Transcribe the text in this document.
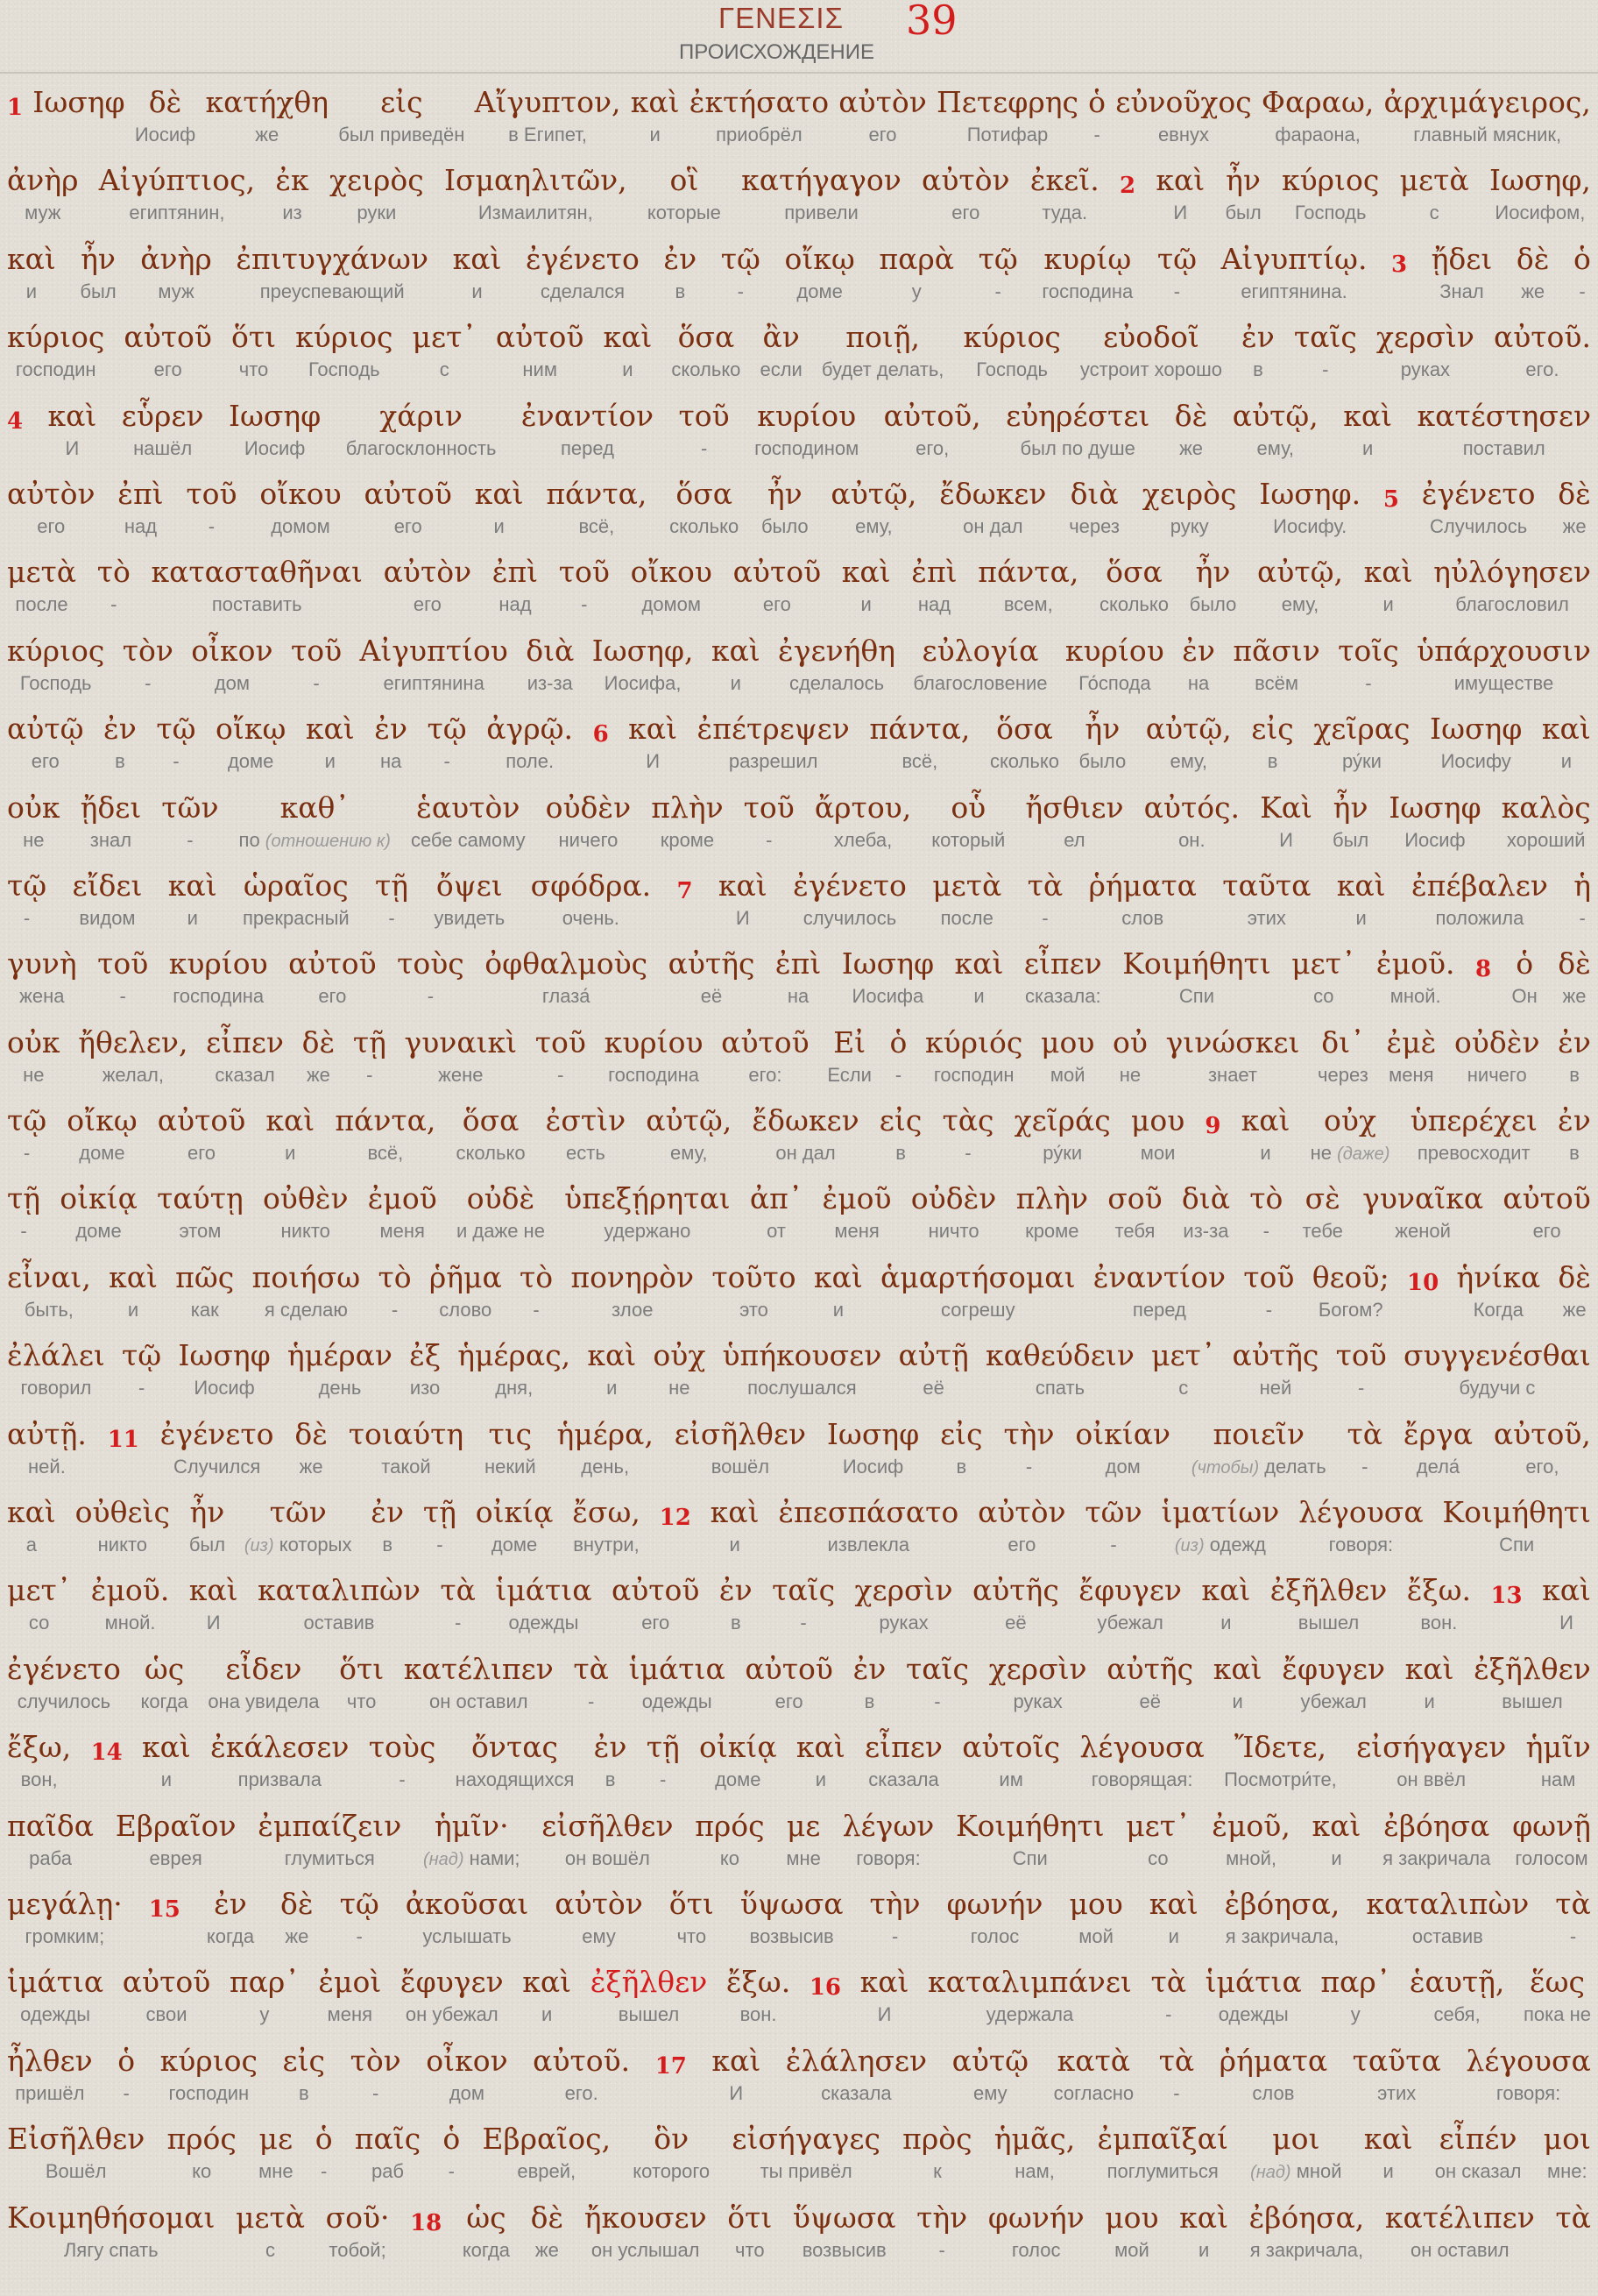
ΓΕΝΕΣΙΣ 39
ПРОИСХОЖДЕНИЕ
1 Ιωσηφ
δὲ
Иосиф
κατήχθη
же
εἰς
был приведён
Αἴγυπτον,
в Египет,
καὶ
и
ἐκτήσατο
приобрёл
αὐτὸν
его
Πετεφρης
Потифар
ὁ
-
εὐνοῦχος
евнух
Φαραω,
фараона,
ἀρχιμάγειρος,
главный мясник,
ἀνὴρ
муж
Αἰγύπτιος,
египтянин,
ἐκ
из
χειρὸς
руки
Ισμαηλιτῶν,
Измаилитян,
οἳ
которые
κατήγαγον
привели
αὐτὸν
его
ἐκεῖ.
туда.
2 καὶ
И
ἦν
был
κύριος
Господь
μετὰ
с
Ιωσηφ,
Иосифом,
καὶ
и
ἦν
был
ἀνὴρ
муж
ἐπιτυγχάνων
преуспевающий
καὶ
и
ἐγένετο
сделался
ἐν
в
τῷ
-
οἴκῳ
доме
παρὰ
у
τῷ
-
κυρίῳ
господина
τῷ
-
Αἰγυπτίῳ.
египтянина.
3 ᾔδει
Знал
δὲ
же
ὁ
-
κύριος
господин
αὐτοῦ
его
ὅτι
что
κύριος
Господь
μετ᾽
с
αὐτοῦ
ним
καὶ
и
ὅσα
сколько
ἂν
если
ποιῇ,
будет делать,
κύριος
Господь
εὐοδοῖ
устроит хорошо
ἐν
в
ταῖς
-
χερσὶν
руках
αὐτοῦ.
его.
4 καὶ
И
εὗρεν
нашёл
Ιωσηφ
Иосиф
χάριν
благосклонность
ἐναντίον
перед
τοῦ
-
κυρίου
господином
αὐτοῦ,
его,
εὐηρέστει
был по душе
δὲ
же
αὐτῷ,
ему,
καὶ
и
κατέστησεν
поставил
αὐτὸν
его
ἐπὶ
над
τοῦ
-
οἴκου
домом
αὐτοῦ
его
καὶ
и
πάντα,
всё,
ὅσα
сколько
ἦν
было
αὐτῷ,
ему,
ἔδωκεν
он дал
διὰ
через
χειρὸς
руку
Ιωσηφ.
Иосифу.
5 ἐγένετο
Случилось
δὲ
же
μετὰ
после
τὸ
-
κατασταθῆναι
поставить
αὐτὸν
его
ἐπὶ
над
τοῦ
-
οἴκου
домом
αὐτοῦ
его
καὶ
и
ἐπὶ
над
πάντα,
всем,
ὅσα
сколько
ἦν
было
αὐτῷ,
ему,
καὶ
и
ηὐλόγησεν
благословил
κύριος
Господь
τὸν
-
οἶκον
дом
τοῦ
-
Αἰγυπτίου
египтянина
διὰ
из-за
Ιωσηφ,
Иосифа,
καὶ
и
ἐγενήθη
сделалось
εὐλογία
благословение
κυρίου
Го́спода
ἐν
на
πᾶσιν
всём
τοῖς
-
ὑπάρχουσιν
имуществе
αὐτῷ
его
ἐν
в
τῷ
-
οἴκῳ
доме
καὶ
и
ἐν
на
τῷ
-
ἀγρῷ.
поле.
6 καὶ
И
ἐπέτρεψεν
разрешил
πάντα,
всё,
ὅσα
сколько
ἦν
было
αὐτῷ,
ему,
εἰς
в
χεῖρας
ру́ки
Ιωσηφ
Иосифу
καὶ
и
οὐκ
не
ᾔδει
знал
τῶν
-
καθ᾽
по (отношению к)
ἑαυτὸν
себе самому
οὐδὲν
ничего
πλὴν
кроме
τοῦ
-
ἄρτου,
хлеба,
οὗ
который
ἤσθιεν
ел
αὐτός.
он.
Καὶ
И
ἦν
был
Ιωσηφ
Иосиф
καλὸς
хороший
τῷ
-
εἴδει
видом
καὶ
и
ὡραῖος
прекрасный
τῇ
-
ὄψει
увидеть
σφόδρα.
очень.
7 καὶ
И
ἐγένετο
случилось
μετὰ
после
τὰ
-
ῥήματα
слов
ταῦτα
этих
καὶ
и
ἐπέβαλεν
положила
ἡ
-
γυνὴ
жена
τοῦ
-
κυρίου
господина
αὐτοῦ
его
τοὺς
-
ὀφθαλμοὺς
глаза́
αὐτῆς
её
ἐπὶ
на
Ιωσηφ
Иосифа
καὶ
и
εἶπεν
сказала:
Κοιμήθητι
Спи
μετ᾽
со
ἐμοῦ.
мной.
8 ὁ
Он
δὲ
же
οὐκ
не
ἤθελεν,
желал,
εἶπεν
сказал
δὲ
же
τῇ
-
γυναικὶ
жене
τοῦ
-
κυρίου
господина
αὐτοῦ
его:
Εἰ
Если
ὁ
-
κύριός
господин
μου
мой
οὐ
не
γινώσκει
знает
δι᾽
через
ἐμὲ
меня
οὐδὲν
ничего
ἐν
в
τῷ
-
οἴκῳ
доме
αὐτοῦ
его
καὶ
и
πάντα,
всё,
ὅσα
сколько
ἐστὶν
есть
αὐτῷ,
ему,
ἔδωκεν
он дал
εἰς
в
τὰς
-
χεῖράς
ру́ки
μου
мои
9 καὶ
и
οὐχ
не (даже)
ὑπερέχει
превосходит
ἐν
в
τῇ
-
οἰκίᾳ
доме
ταύτῃ
этом
οὐθὲν
никто
ἐμοῦ
меня
οὐδὲ
и даже не
ὑπεξῄρηται
удержано
ἀπ᾽
от
ἐμοῦ
меня
οὐδὲν
ничто
πλὴν
кроме
σοῦ
тебя
διὰ
из-за
τὸ
-
σὲ
тебе
γυναῖκα
женой
αὐτοῦ
его
εἶναι,
быть,
καὶ
и
πῶς
как
ποιήσω
я сделаю
τὸ
-
ῥῆμα
слово
τὸ
-
πονηρὸν
злое
τοῦτο
это
καὶ
и
ἁμαρτήσομαι
согрешу
ἐναντίον
перед
τοῦ
-
θεοῦ;
Богом?
10 ἡνίκα
Когда
δὲ
же
ἐλάλει
говорил
τῷ
-
Ιωσηφ
Иосиф
ἡμέραν
день
ἐξ
изо
ἡμέρας,
дня,
καὶ
и
οὐχ
не
ὑπήκουσεν
послушался
αὐτῇ
её
καθεύδειν
спать
μετ᾽
с
αὐτῆς
ней
τοῦ
-
συγγενέσθαι
будучи с
αὐτῇ.
ней.
11 ἐγένετο
Случился
δὲ
же
τοιαύτη
такой
τις
некий
ἡμέρα,
день,
εἰσῆλθεν
вошёл
Ιωσηφ
Иосиф
εἰς
в
τὴν
-
οἰκίαν
дом
ποιεῖν
(чтобы) делать
τὰ
-
ἔργα
дела́
αὐτοῦ,
его,
καὶ
а
οὐθεὶς
никто
ἦν
был
τῶν
(из) которых
ἐν
в
τῇ
-
οἰκίᾳ
доме
ἔσω,
внутри,
12 καὶ
и
ἐπεσπάσατο
извлекла
αὐτὸν
его
τῶν
-
ἱματίων
(из) одежд
λέγουσα
говоря:
Κοιμήθητι
Спи
μετ᾽
со
ἐμοῦ.
мной.
καὶ
И
καταλιπὼν
оставив
τὰ
-
ἱμάτια
одежды
αὐτοῦ
его
ἐν
в
ταῖς
-
χερσὶν
руках
αὐτῆς
её
ἔφυγεν
убежал
καὶ
и
ἐξῆλθεν
вышел
ἔξω.
вон.
13 καὶ
И
ἐγένετο
случилось
ὡς
когда
εἶδεν
она увидела
ὅτι
что
κατέλιπεν
он оставил
τὰ
-
ἱμάτια
одежды
αὐτοῦ
его
ἐν
в
ταῖς
-
χερσὶν
руках
αὐτῆς
её
καὶ
и
ἔφυγεν
убежал
καὶ
и
ἐξῆλθεν
вышел
ἔξω,
вон,
14 καὶ
и
ἐκάλεσεν
призвала
τοὺς
-
ὄντας
находящихся
ἐν
в
τῇ
-
οἰκίᾳ
доме
καὶ
и
εἶπεν
сказала
αὐτοῖς
им
λέγουσα
говорящая:
Ἴδετε,
Посмотри́те,
εἰσήγαγεν
он ввёл
ἡμῖν
нам
παῖδα
раба
Εβραῖον
еврея
ἐμπαίζειν
глумиться
ἡμῖν·
(над) нами;
εἰσῆλθεν
он вошёл
πρός
ко
με
мне
λέγων
говоря:
Κοιμήθητι
Спи
μετ᾽
со
ἐμοῦ,
мной,
καὶ
и
ἐβόησα
я закричала
φωνῇ
голосом
μεγάλῃ·
громким;
15 ἐν
когда
δὲ
же
τῷ
-
ἀκοῦσαι
услышать
αὐτὸν
ему
ὅτι
что
ὕψωσα
возвысив
τὴν
-
φωνήν
голос
μου
мой
καὶ
и
ἐβόησα,
я закричала,
καταλιπὼν
оставив
τὰ
-
ἱμάτια
одежды
αὐτοῦ
свои
παρ᾽
у
ἐμοὶ
меня
ἔφυγεν
он убежал
καὶ
и
ἐξῆλθεν
вышел
ἔξω.
вон.
16 καὶ
И
καταλιμπάνει
удержала
τὰ
-
ἱμάτια
одежды
παρ᾽
у
ἑαυτῇ,
себя,
ἕως
пока не
ἦλθεν
пришёл
ὁ
-
κύριος
господин
εἰς
в
τὸν
-
οἶκον
дом
αὐτοῦ.
его.
17 καὶ
И
ἐλάλησεν
сказала
αὐτῷ
ему
κατὰ
согласно
τὰ
-
ῥήματα
слов
ταῦτα
этих
λέγουσα
говоря:
Εἰσῆλθεν
Вошёл
πρός
ко
με
мне
ὁ
-
παῖς
раб
ὁ
-
Εβραῖος,
еврей,
ὃν
которого
εἰσήγαγες
ты привёл
πρὸς
к
ἡμᾶς,
нам,
ἐμπαῖξαί
поглумиться
μοι
(над) мной
καὶ
и
εἶπέν
он сказал
μοι
мне:
Κοιμηθήσομαι
Лягу спать
μετὰ
с
σοῦ·
тобой;
18 ὡς
когда
δὲ
же
ἤκουσεν
он услышал
ὅτι
что
ὕψωσα
возвысив
τὴν
-
φωνήν
голос
μου
мой
καὶ
и
ἐβόησα,
я закричала,
κατέλιπεν
он оставил
τὰ
